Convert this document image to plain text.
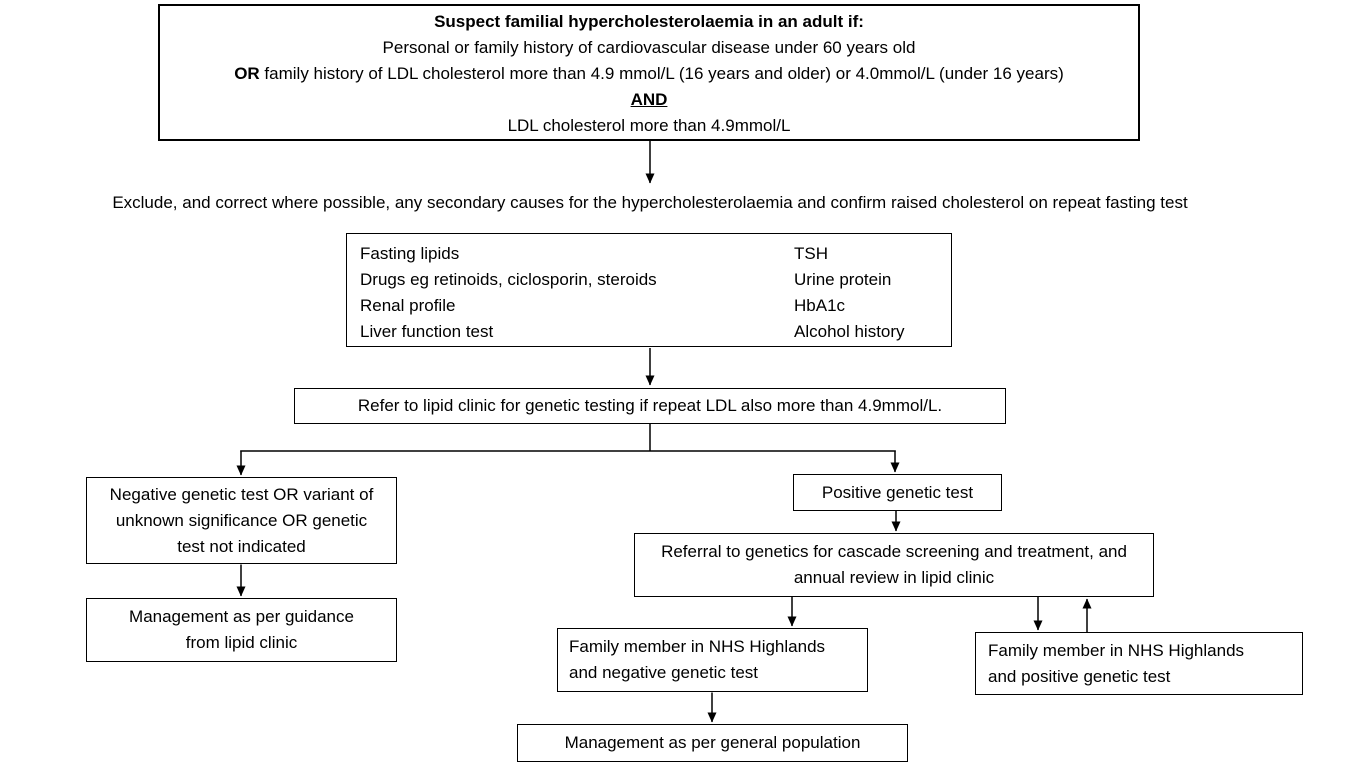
Suspect familial hypercholesterolaemia in an adult if:
Personal or family history of cardiovascular disease under 60 years old
OR family history of LDL cholesterol more than 4.9 mmol/L (16 years and older) or 4.0mmol/L (under 16 years)
AND
LDL cholesterol more than 4.9mmol/L
Exclude, and correct where possible, any secondary causes for the hypercholesterolaemia and confirm raised cholesterol on repeat fasting test
Fasting lipids
Drugs eg retinoids, ciclosporin, steroids
Renal profile
Liver function test
TSH
Urine protein
HbA1c
Alcohol history
Refer to lipid clinic for genetic testing if repeat LDL also more than 4.9mmol/L.
Negative genetic test OR variant of unknown significance OR genetic test not indicated
Management as per guidance from lipid clinic
Positive genetic test
Referral to genetics for cascade screening and treatment, and annual review in lipid clinic
Family member in NHS Highlands and negative genetic test
Family member in NHS Highlands and positive genetic test
Management as per general population
